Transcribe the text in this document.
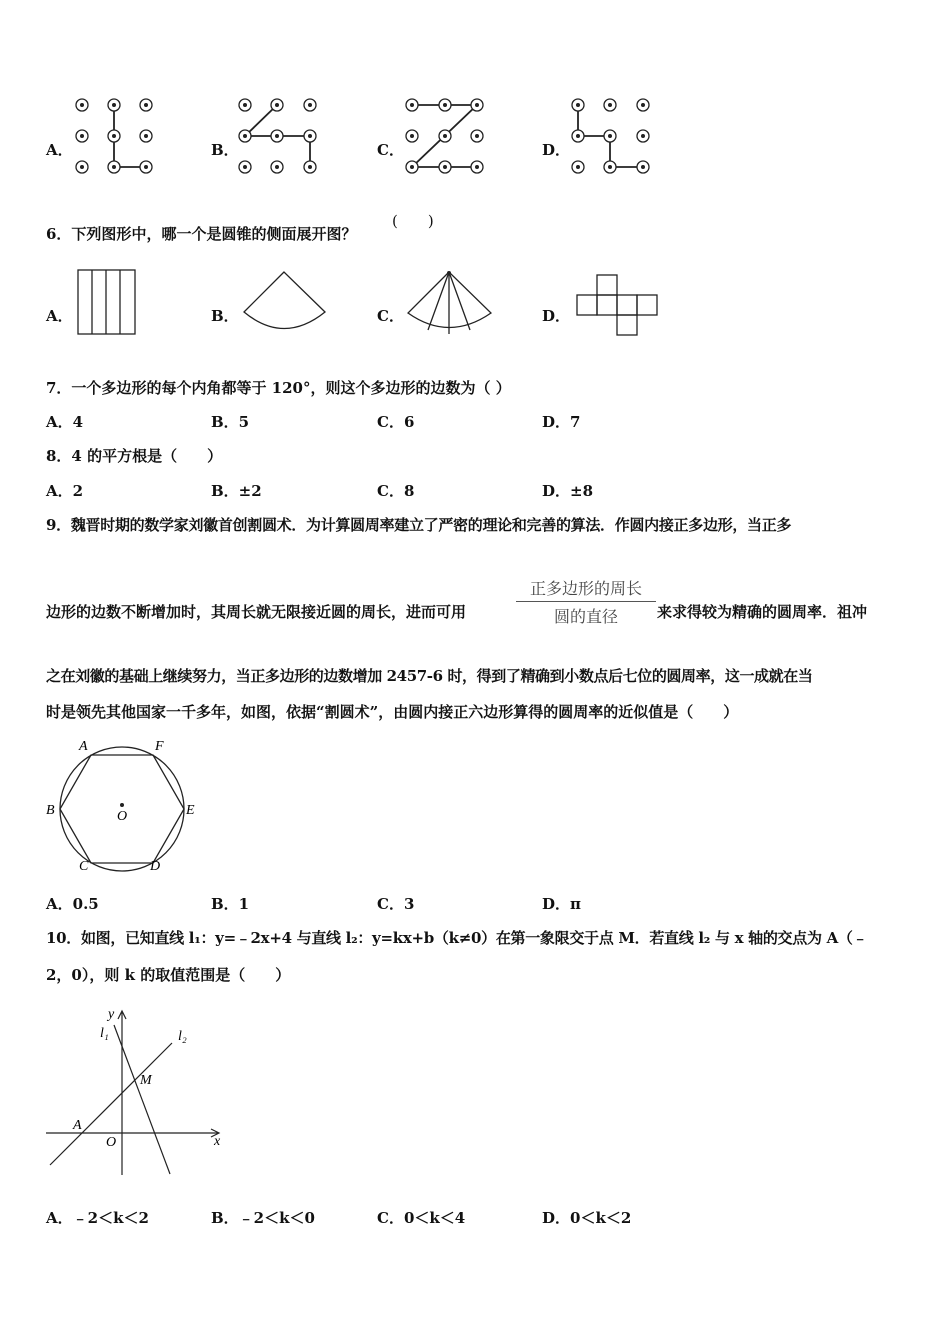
A．	B．	C．	D．
6．下列图形中，哪一个是圆锥的侧面展开图？
(　　)
A．	B．	C．	D．
7．一个多边形的每个内角都等于 120°，则这个多边形的边数为（ ）
A．4	B．5	C．6	D．7
8．4 的平方根是（　　）
A．2	B．±2	C．8	D．±8
9．魏晋时期的数学家刘徽首创割圆术．为计算圆周率建立了严密的理论和完善的算法．作圆内接正多边形，当正多
边形的边数不断增加时，其周长就无限接近圆的周长，进而可用
正多边形的周长
圆的直径	来求得较为精确的圆周率．祖冲
之在刘徽的基础上继续努力，当正多边形的边数增加 2457-6 时，得到了精确到小数点后七位的圆周率，这一成就在当
时是领先其他国家一千多年，如图，依据“割圆术”，由圆内接正六边形算得的圆周率的近似值是（　　）
A	F
B	E
C	D
O
A．0.5	B．1	C．3	D．π
10．如图，已知直线 l₁：y=﹣2x+4 与直线 l₂：y=kx+b（k≠0）在第一象限交于点 M．若直线 l₂ 与 x 轴的交点为 A（﹣
2，0），则 k 的取值范围是（　　）
y
x
l₁	l₂
M
A
O
A．﹣2＜k＜2	B．﹣2＜k＜0	C．0＜k＜4	D．0＜k＜2
